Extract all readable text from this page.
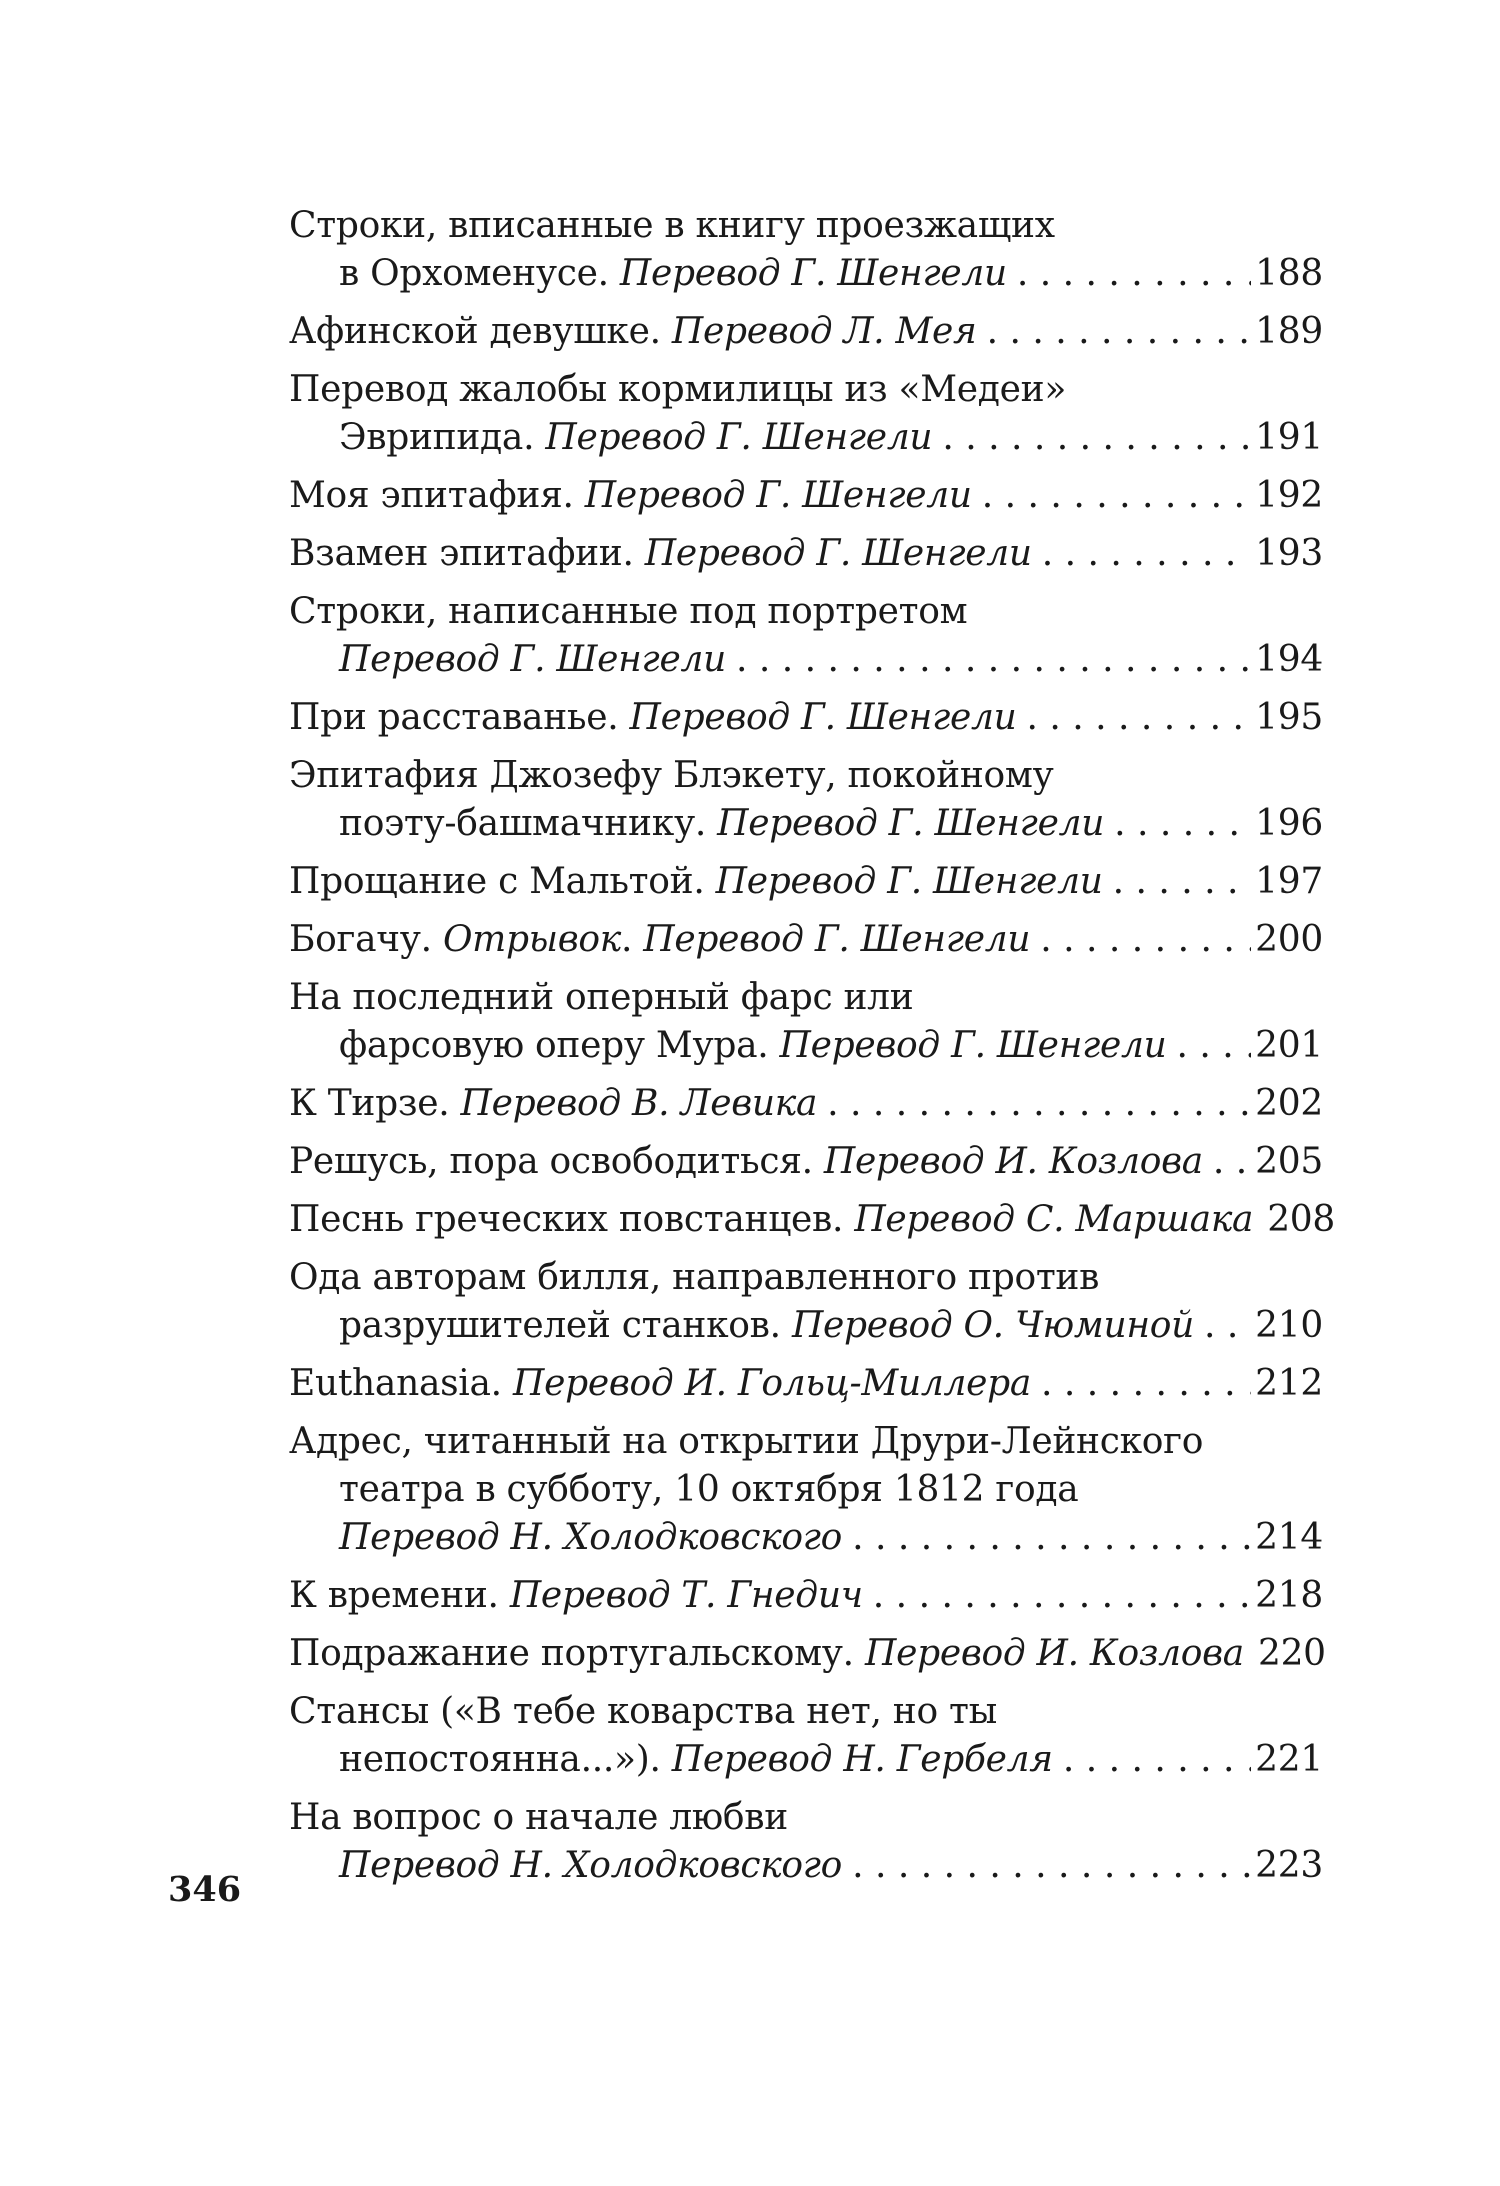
Строки, вписанные в книгу проезжащих
в Орхоменусе. Перевод Г. Шенгели . . .	188
Афинской девушке. Перевод Л. Мея . . .	189
Перевод жалобы кормилицы из «Медеи»
Эврипида. Перевод Г. Шенгели . . .	191
Моя эпитафия. Перевод Г. Шенгели . . .	192
Взамен эпитафии. Перевод Г. Шенгели . . .	193
Строки, написанные под портретом
Перевод Г. Шенгели . . .	194
При расставанье. Перевод Г. Шенгели . . .	195
Эпитафия Джозефу Блэкету, покойному
поэту-башмачнику. Перевод Г. Шенгели . . .	196
Прощание с Мальтой. Перевод Г. Шенгели . . .	197
Богачу. Отрывок. Перевод Г. Шенгели . . .	200
На последний оперный фарс или
фарсовую оперу Мура. Перевод Г. Шенгели . . . 201
К Тирзе. Перевод В. Левика . . .	202
Решусь, пора освободиться. Перевод И. Козлова . . . 205
Песнь греческих повстанцев. Перевод С. Маршака 208
Ода авторам билля, направленного против
разрушителей станков. Перевод О. Чюминой . . . 210
Euthanasia. Перевод И. Гольц-Миллера . . .	212
Адрес, читанный на открытии Друри-Лейнского
театра в субботу, 10 октября 1812 года
Перевод Н. Холодковского . . .	214
К времени. Перевод Т. Гнедич . . .	218
Подражание португальскому. Перевод И. Козлова 220
Стансы («В тебе коварства нет, но ты
непостоянна...»). Перевод Н. Гербеля . . .	221
На вопрос о начале любви
Перевод Н. Холодковского . . .	223
346
